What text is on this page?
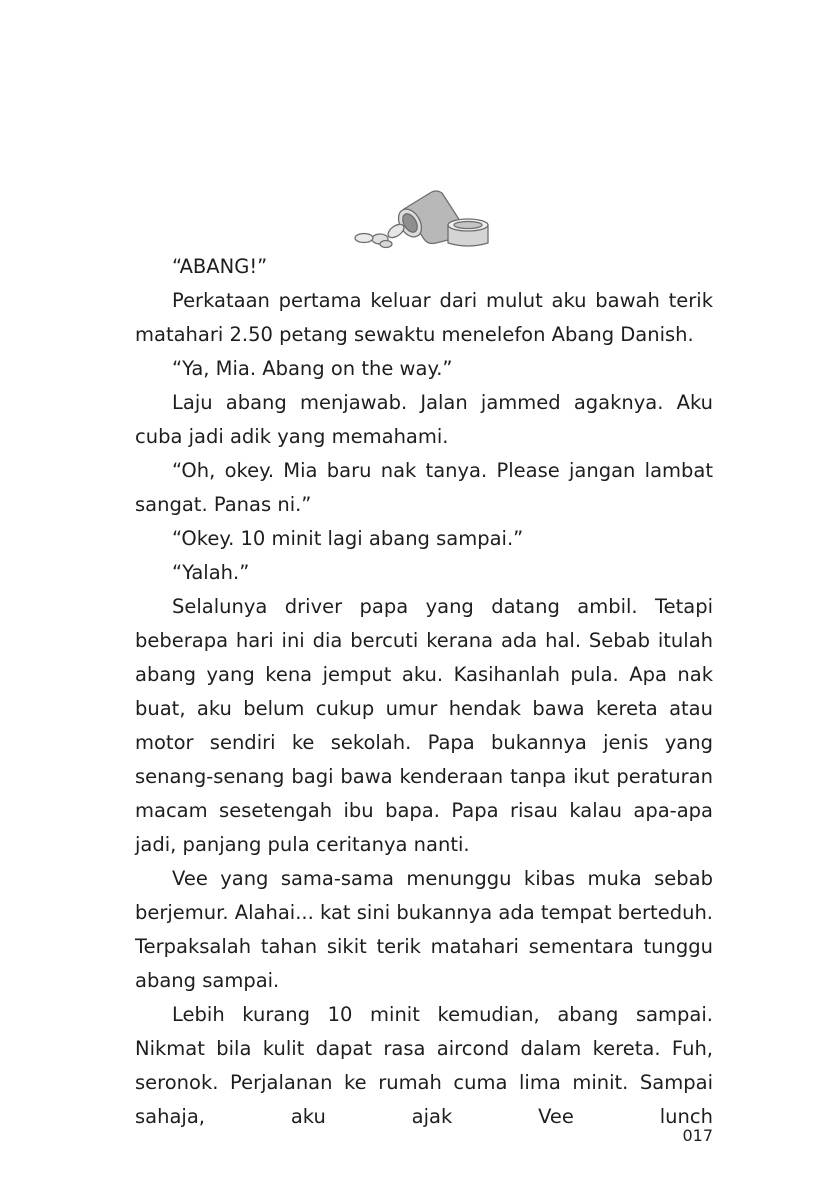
“ABANG!”

Perkataan pertama keluar dari mulut aku bawah terik matahari 2.50 petang sewaktu menelefon Abang Danish.

“Ya, Mia. Abang on the way.”

Laju abang menjawab. Jalan jammed agaknya. Aku cuba jadi adik yang memahami.

“Oh, okey. Mia baru nak tanya. Please jangan lambat sangat. Panas ni.”

“Okey. 10 minit lagi abang sampai.”

“Yalah.”

Selalunya driver papa yang datang ambil. Tetapi beberapa hari ini dia bercuti kerana ada hal. Sebab itulah abang yang kena jemput aku. Kasihanlah pula. Apa nak buat, aku belum cukup umur hendak bawa kereta atau motor sendiri ke sekolah. Papa bukannya jenis yang senang-senang bagi bawa kenderaan tanpa ikut peraturan macam sesetengah ibu bapa. Papa risau kalau apa-apa jadi, panjang pula ceritanya nanti.

Vee yang sama-sama menunggu kibas muka sebab berjemur. Alahai... kat sini bukannya ada tempat berteduh. Terpaksalah tahan sikit terik matahari sementara tunggu abang sampai.

Lebih kurang 10 minit kemudian, abang sampai. Nikmat bila kulit dapat rasa aircond dalam kereta. Fuh, seronok. Perjalanan ke rumah cuma lima minit. Sampai sahaja, aku ajak Vee lunch

017
